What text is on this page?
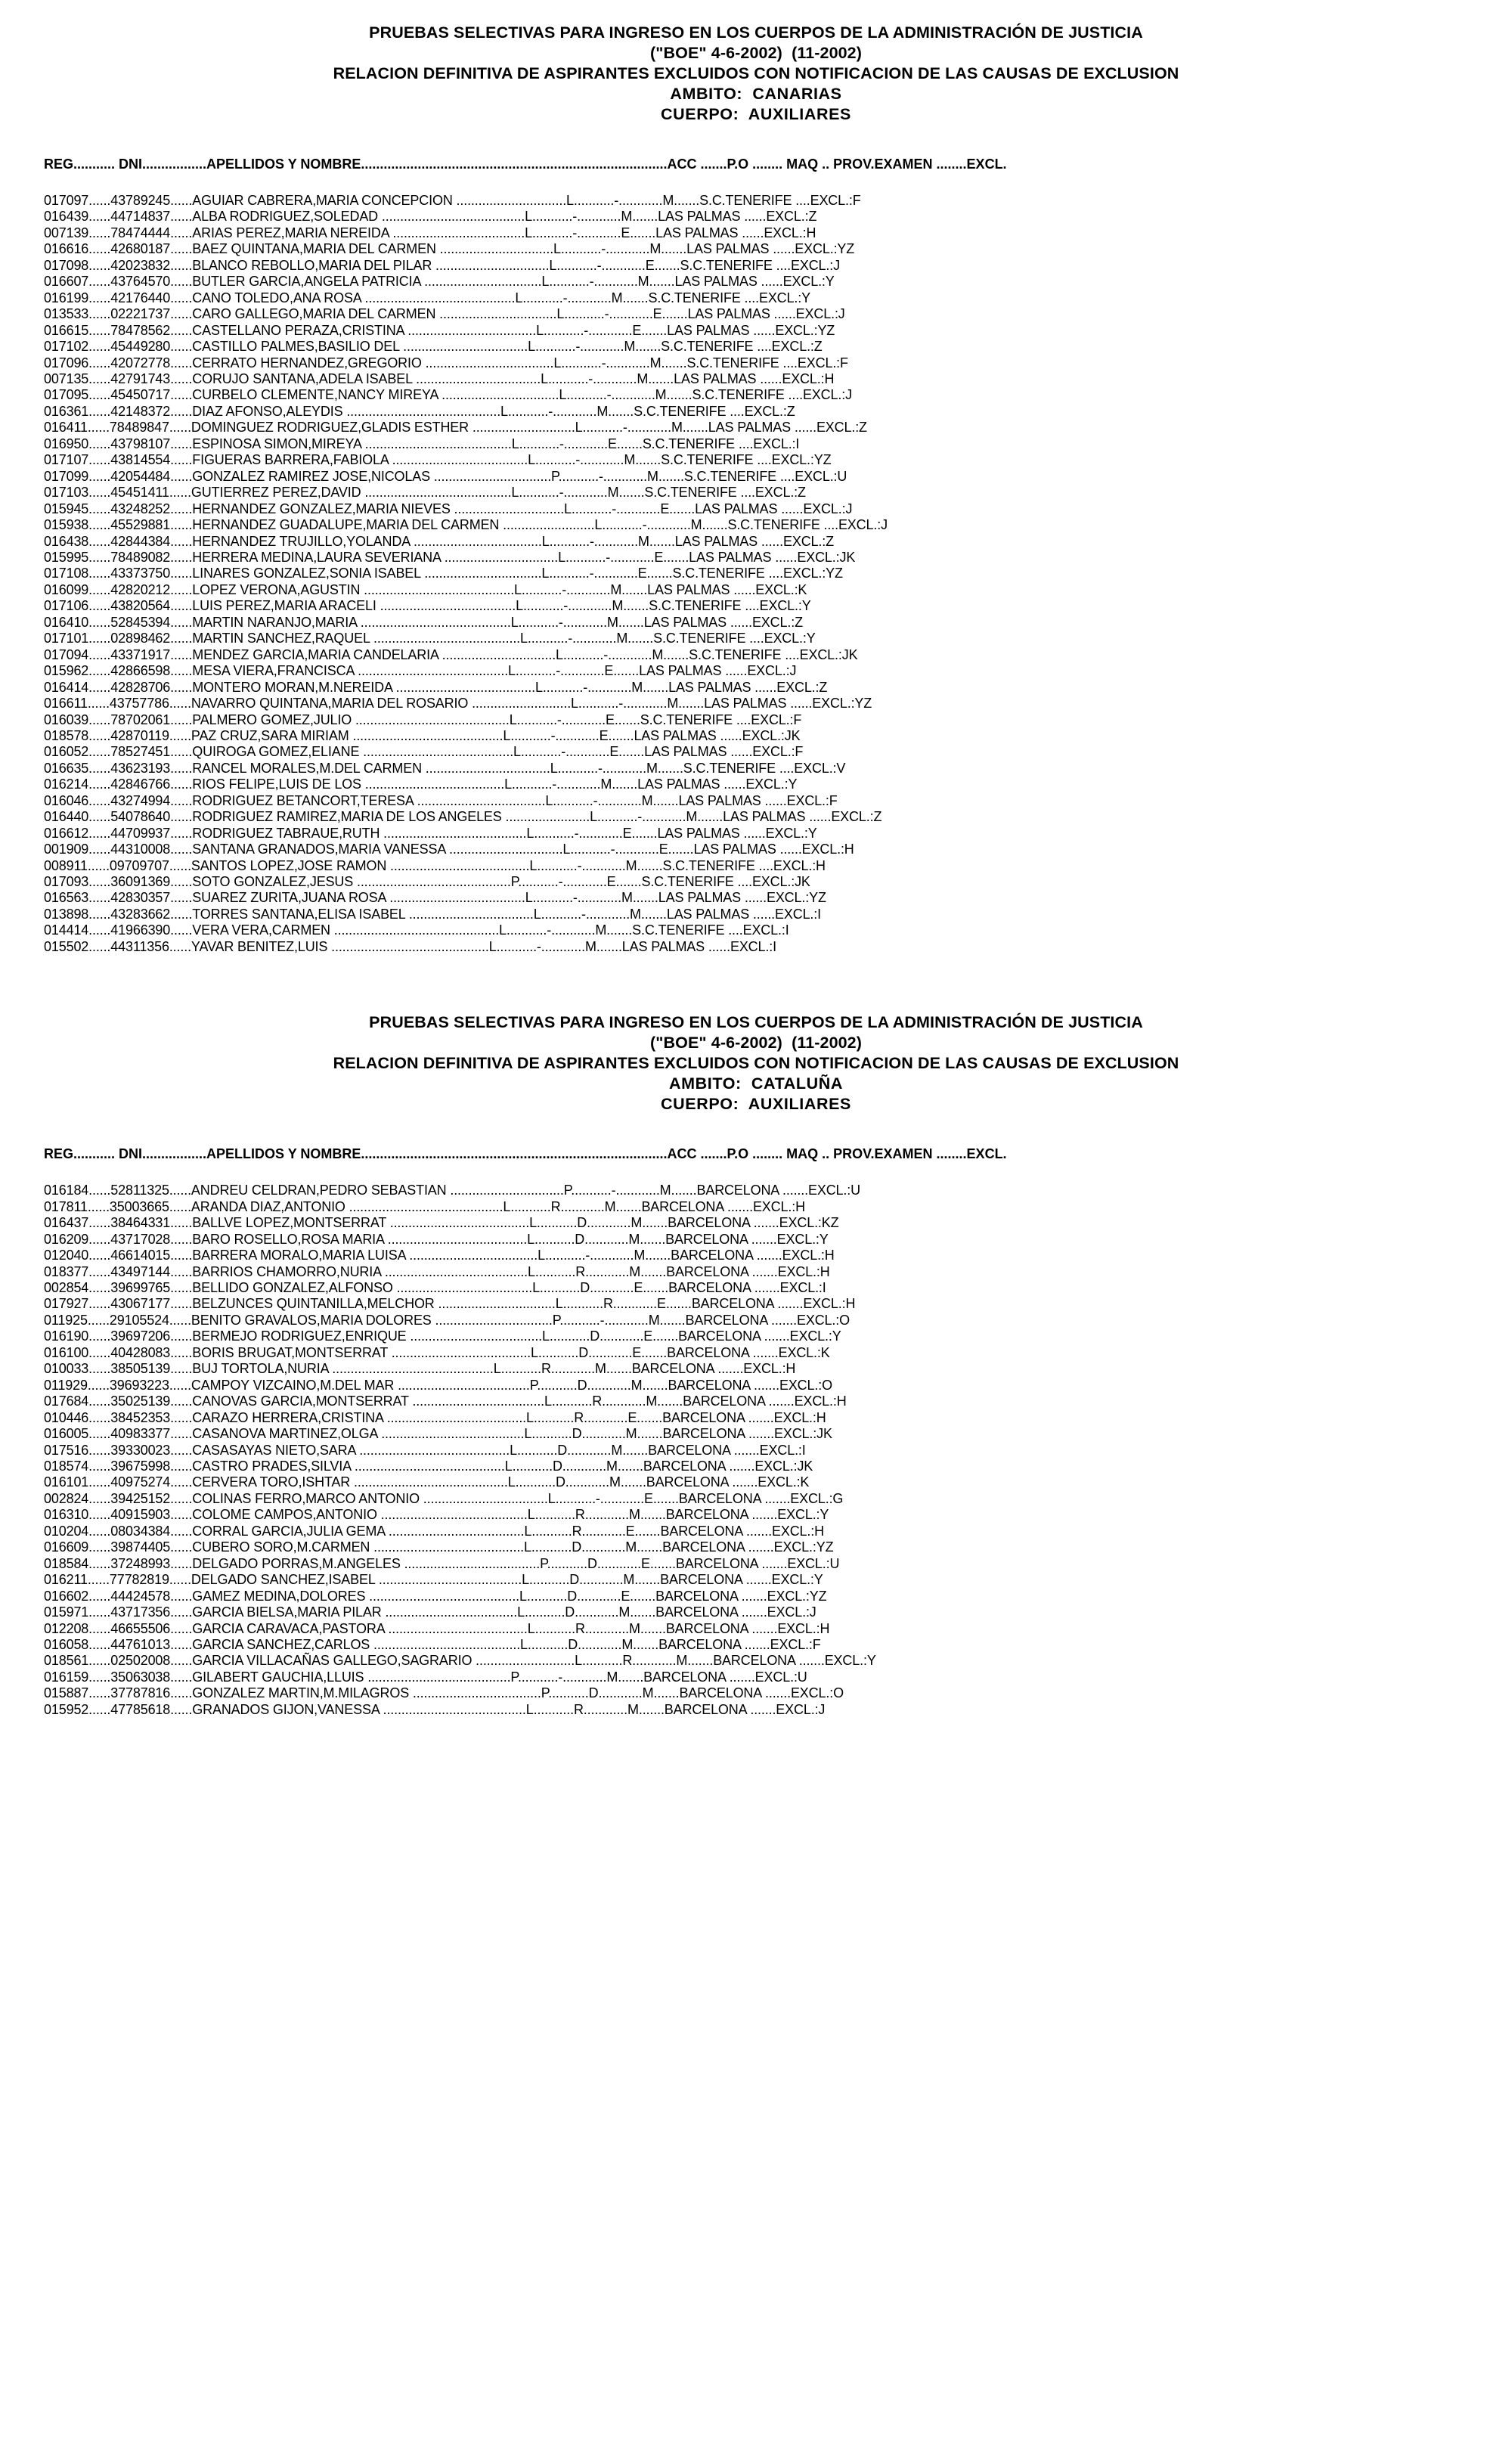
PRUEBAS SELECTIVAS PARA INGRESO EN LOS CUERPOS DE LA ADMINISTRACIÓN DE JUSTICIA
("BOE" 4-6-2002)  (11-2002)
RELACION DEFINITIVA DE ASPIRANTES EXCLUIDOS CON NOTIFICACION DE LAS CAUSAS DE EXCLUSION
AMBITO:  CANARIAS
CUERPO:  AUXILIARES
REG........... DNI.................APELLIDOS Y NOMBRE.................................................................................ACC .......P.O ........ MAQ .. PROV.EXAMEN ........EXCL.
017097......43789245......AGUIAR CABRERA,MARIA CONCEPCION ..............................L...........-............M.......S.C.TENERIFE ....EXCL.:F
016439......44714837......ALBA RODRIGUEZ,SOLEDAD .......................................L...........-............M.......LAS PALMAS ......EXCL.:Z
007139......78474444......ARIAS PEREZ,MARIA NEREIDA ....................................L...........-............E.......LAS PALMAS ......EXCL.:H
016616......42680187......BAEZ QUINTANA,MARIA DEL CARMEN ...............................L...........-............M.......LAS PALMAS ......EXCL.:YZ
017098......42023832......BLANCO REBOLLO,MARIA DEL PILAR ...............................L...........-............E.......S.C.TENERIFE ....EXCL.:J
016607......43764570......BUTLER GARCIA,ANGELA PATRICIA ................................L...........-............M.......LAS PALMAS ......EXCL.:Y
016199......42176440......CANO TOLEDO,ANA ROSA .........................................L...........-............M.......S.C.TENERIFE ....EXCL.:Y
013533......02221737......CARO GALLEGO,MARIA DEL CARMEN ................................L...........-............E.......LAS PALMAS ......EXCL.:J
016615......78478562......CASTELLANO PERAZA,CRISTINA ...................................L...........-............E.......LAS PALMAS ......EXCL.:YZ
017102......45449280......CASTILLO PALMES,BASILIO DEL ..................................L...........-............M.......S.C.TENERIFE ....EXCL.:Z
017096......42072778......CERRATO HERNANDEZ,GREGORIO ...................................L...........-............M.......S.C.TENERIFE ....EXCL.:F
007135......42791743......CORUJO SANTANA,ADELA ISABEL ..................................L...........-............M.......LAS PALMAS ......EXCL.:H
017095......45450717......CURBELO CLEMENTE,NANCY MIREYA ................................L...........-............M.......S.C.TENERIFE ....EXCL.:J
016361......42148372......DIAZ AFONSO,ALEYDIS ..........................................L...........-............M.......S.C.TENERIFE ....EXCL.:Z
016411......78489847......DOMINGUEZ RODRIGUEZ,GLADIS ESTHER ............................L...........-............M.......LAS PALMAS ......EXCL.:Z
016950......43798107......ESPINOSA SIMON,MIREYA ........................................L...........-............E.......S.C.TENERIFE ....EXCL.:I
017107......43814554......FIGUERAS BARRERA,FABIOLA .....................................L...........-............M.......S.C.TENERIFE ....EXCL.:YZ
017099......42054484......GONZALEZ RAMIREZ JOSE,NICOLAS ................................P...........-............M.......S.C.TENERIFE ....EXCL.:U
017103......45451411......GUTIERREZ PEREZ,DAVID ........................................L...........-............M.......S.C.TENERIFE ....EXCL.:Z
015945......43248252......HERNANDEZ GONZALEZ,MARIA NIEVES ..............................L...........-............E.......LAS PALMAS ......EXCL.:J
015938......45529881......HERNANDEZ GUADALUPE,MARIA DEL CARMEN .........................L...........-............M.......S.C.TENERIFE ....EXCL.:J
016438......42844384......HERNANDEZ TRUJILLO,YOLANDA ...................................L...........-............M.......LAS PALMAS ......EXCL.:Z
015995......78489082......HERRERA MEDINA,LAURA SEVERIANA ...............................L...........-............E.......LAS PALMAS ......EXCL.:JK
017108......43373750......LINARES GONZALEZ,SONIA ISABEL ................................L...........-............E.......S.C.TENERIFE ....EXCL.:YZ
016099......42820212......LOPEZ VERONA,AGUSTIN .........................................L...........-............M.......LAS PALMAS ......EXCL.:K
017106......43820564......LUIS PEREZ,MARIA ARACELI .....................................L...........-............M.......S.C.TENERIFE ....EXCL.:Y
016410......52845394......MARTIN NARANJO,MARIA .........................................L...........-............M.......LAS PALMAS ......EXCL.:Z
017101......02898462......MARTIN SANCHEZ,RAQUEL ........................................L...........-............M.......S.C.TENERIFE ....EXCL.:Y
017094......43371917......MENDEZ GARCIA,MARIA CANDELARIA ...............................L...........-............M.......S.C.TENERIFE ....EXCL.:JK
015962......42866598......MESA VIERA,FRANCISCA .........................................L...........-............E.......LAS PALMAS ......EXCL.:J
016414......42828706......MONTERO MORAN,M.NEREIDA ......................................L...........-............M.......LAS PALMAS ......EXCL.:Z
016611......43757786......NAVARRO QUINTANA,MARIA DEL ROSARIO ...........................L...........-............M.......LAS PALMAS ......EXCL.:YZ
016039......78702061......PALMERO GOMEZ,JULIO ..........................................L...........-............E.......S.C.TENERIFE ....EXCL.:F
018578......42870119......PAZ CRUZ,SARA MIRIAM .........................................L...........-............E.......LAS PALMAS ......EXCL.:JK
016052......78527451......QUIROGA GOMEZ,ELIANE .........................................L...........-............E.......LAS PALMAS ......EXCL.:F
016635......43623193......RANCEL MORALES,M.DEL CARMEN ..................................L...........-............M.......S.C.TENERIFE ....EXCL.:V
016214......42846766......RIOS FELIPE,LUIS DE LOS ......................................L...........-............M.......LAS PALMAS ......EXCL.:Y
016046......43274994......RODRIGUEZ BETANCORT,TERESA ...................................L...........-............M.......LAS PALMAS ......EXCL.:F
016440......54078640......RODRIGUEZ RAMIREZ,MARIA DE LOS ANGELES .......................L...........-............M.......LAS PALMAS ......EXCL.:Z
016612......44709937......RODRIGUEZ TABRAUE,RUTH .......................................L...........-............E.......LAS PALMAS ......EXCL.:Y
001909......44310008......SANTANA GRANADOS,MARIA VANESSA ...............................L...........-............E.......LAS PALMAS ......EXCL.:H
008911......09709707......SANTOS LOPEZ,JOSE RAMON ......................................L...........-............M.......S.C.TENERIFE ....EXCL.:H
017093......36091369......SOTO GONZALEZ,JESUS ..........................................P...........-............E.......S.C.TENERIFE ....EXCL.:JK
016563......42830357......SUAREZ ZURITA,JUANA ROSA .....................................L...........-............M.......LAS PALMAS ......EXCL.:YZ
013898......43283662......TORRES SANTANA,ELISA ISABEL ..................................L...........-............M.......LAS PALMAS ......EXCL.:I
014414......41966390......VERA VERA,CARMEN .............................................L...........-............M.......S.C.TENERIFE ....EXCL.:I
015502......44311356......YAVAR BENITEZ,LUIS ...........................................L...........-............M.......LAS PALMAS ......EXCL.:I
PRUEBAS SELECTIVAS PARA INGRESO EN LOS CUERPOS DE LA ADMINISTRACIÓN DE JUSTICIA
("BOE" 4-6-2002)  (11-2002)
RELACION DEFINITIVA DE ASPIRANTES EXCLUIDOS CON NOTIFICACION DE LAS CAUSAS DE EXCLUSION
AMBITO:  CATALUÑA
CUERPO:  AUXILIARES
REG........... DNI.................APELLIDOS Y NOMBRE.................................................................................ACC .......P.O ........ MAQ .. PROV.EXAMEN ........EXCL.
016184......52811325......ANDREU CELDRAN,PEDRO SEBASTIAN ...............................P...........-............M.......BARCELONA .......EXCL.:U
017811......35003665......ARANDA DIAZ,ANTONIO ..........................................L...........R............M.......BARCELONA .......EXCL.:H
016437......38464331......BALLVE LOPEZ,MONTSERRAT ......................................L...........D............M.......BARCELONA .......EXCL.:KZ
016209......43717028......BARO ROSELLO,ROSA MARIA ......................................L...........D............M.......BARCELONA .......EXCL.:Y
012040......46614015......BARRERA MORALO,MARIA LUISA ...................................L...........-............M.......BARCELONA .......EXCL.:H
018377......43497144......BARRIOS CHAMORRO,NURIA .......................................L...........R............M.......BARCELONA .......EXCL.:H
002854......39699765......BELLIDO GONZALEZ,ALFONSO .....................................L...........D............E.......BARCELONA .......EXCL.:I
017927......43067177......BELZUNCES QUINTANILLA,MELCHOR ................................L...........R............E.......BARCELONA .......EXCL.:H
011925......29105524......BENITO GRAVALOS,MARIA DOLORES ................................P...........-............M.......BARCELONA .......EXCL.:O
016190......39697206......BERMEJO RODRIGUEZ,ENRIQUE ....................................L...........D............E.......BARCELONA .......EXCL.:Y
016100......40428083......BORIS BRUGAT,MONTSERRAT ......................................L...........D............E.......BARCELONA .......EXCL.:K
010033......38505139......BUJ TORTOLA,NURIA ............................................L...........R............M.......BARCELONA .......EXCL.:H
011929......39693223......CAMPOY VIZCAINO,M.DEL MAR ....................................P...........D............M.......BARCELONA .......EXCL.:O
017684......35025139......CANOVAS GARCIA,MONTSERRAT ....................................L...........R............M.......BARCELONA .......EXCL.:H
010446......38452353......CARAZO HERRERA,CRISTINA ......................................L...........R............E.......BARCELONA .......EXCL.:H
016005......40983377......CASANOVA MARTINEZ,OLGA .......................................L...........D............M.......BARCELONA .......EXCL.:JK
017516......39330023......CASASAYAS NIETO,SARA .........................................L...........D............M.......BARCELONA .......EXCL.:I
018574......39675998......CASTRO PRADES,SILVIA .........................................L...........D............M.......BARCELONA .......EXCL.:JK
016101......40975274......CERVERA TORO,ISHTAR ..........................................L...........D............M.......BARCELONA .......EXCL.:K
002824......39425152......COLINAS FERRO,MARCO ANTONIO ..................................L...........-............E.......BARCELONA .......EXCL.:G
016310......40915903......COLOME CAMPOS,ANTONIO ........................................L...........R............M.......BARCELONA .......EXCL.:Y
010204......08034384......CORRAL GARCIA,JULIA GEMA .....................................L...........R............E.......BARCELONA .......EXCL.:H
016609......39874405......CUBERO SORO,M.CARMEN .........................................L...........D............M.......BARCELONA .......EXCL.:YZ
018584......37248993......DELGADO PORRAS,M.ANGELES .....................................P...........D............E.......BARCELONA .......EXCL.:U
016211......77782819......DELGADO SANCHEZ,ISABEL .......................................L...........D............M.......BARCELONA .......EXCL.:Y
016602......44424578......GAMEZ MEDINA,DOLORES .........................................L...........D............E.......BARCELONA .......EXCL.:YZ
015971......43717356......GARCIA BIELSA,MARIA PILAR ....................................L...........D............M.......BARCELONA .......EXCL.:J
012208......46655506......GARCIA CARAVACA,PASTORA ......................................L...........R............M.......BARCELONA .......EXCL.:H
016058......44761013......GARCIA SANCHEZ,CARLOS ........................................L...........D............M.......BARCELONA .......EXCL.:F
018561......02502008......GARCIA VILLACAÑAS GALLEGO,SAGRARIO ...........................L...........R............M.......BARCELONA .......EXCL.:Y
016159......35063038......GILABERT GAUCHIA,LLUIS .......................................P...........-............M.......BARCELONA .......EXCL.:U
015887......37787816......GONZALEZ MARTIN,M.MILAGROS ...................................P...........D............M.......BARCELONA .......EXCL.:O
015952......47785618......GRANADOS GIJON,VANESSA .......................................L...........R............M.......BARCELONA .......EXCL.:J
